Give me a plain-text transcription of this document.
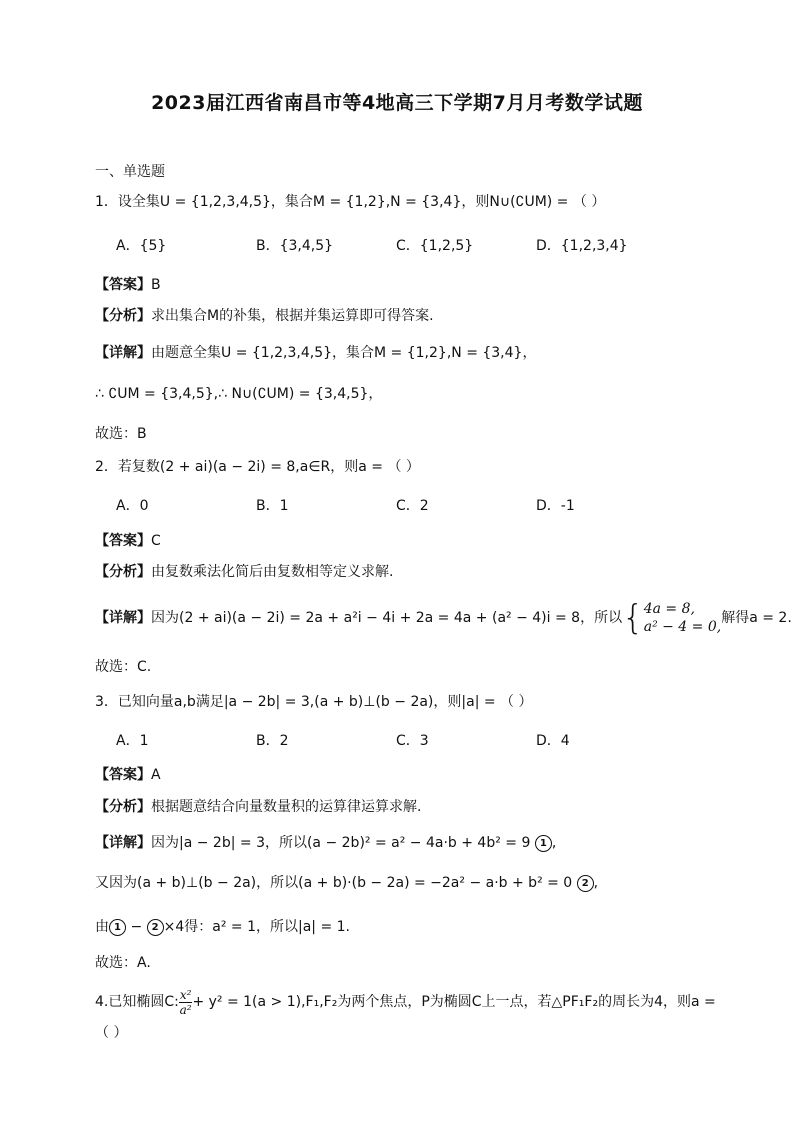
2023届江西省南昌市等4地高三下学期7月月考数学试题
一、单选题
1．设全集U = {1,2,3,4,5}，集合M = {1,2},N = {3,4}，则N∪(∁UM) = （ ）
A．{5}	B．{3,4,5}	C．{1,2,5}	D．{1,2,3,4}
【答案】B
【分析】求出集合M的补集，根据并集运算即可得答案.
【详解】由题意全集U = {1,2,3,4,5}，集合M = {1,2},N = {3,4}，
∴ ∁UM = {3,4,5},∴ N∪(∁UM) = {3,4,5}，
故选：B
2．若复数(2 + ai)(a − 2i) = 8,a∈R，则a = （ ）
A．0	B．1	C．2	D．-1
【答案】C
【分析】由复数乘法化简后由复数相等定义求解.
【详解】因为(2 + ai)(a − 2i) = 2a + a²i − 4i + 2a = 4a + (a² − 4)i = 8，所以{ 4a = 8,
a² − 4 = 0,
解得a = 2.
故选：C.
3．已知向量a,b满足|a − 2b| = 3,(a + b)⊥(b − 2a)，则|a| = （ ）
A．1	B．2	C．3	D．4
【答案】A
【分析】根据题意结合向量数量积的运算律运算求解.
【详解】因为|a − 2b| = 3，所以(a − 2b)² = a² − 4a·b + 4b² = 9 1 ,
又因为(a + b)⊥(b − 2a)，所以(a + b)·(b − 2a) = −2a² − a·b + b² = 0 2 ,
由 1 − 2 ×4得：a² = 1，所以|a| = 1.
故选：A.
4.已知椭圆C: $\frac{\text{x²}}{\text{a²}} + y^2 = 1(a > 1),F_1,F_2$为两个焦点，P为椭圆C上一点，若△PF₁F₂的周长为4，则a =
（ ）
